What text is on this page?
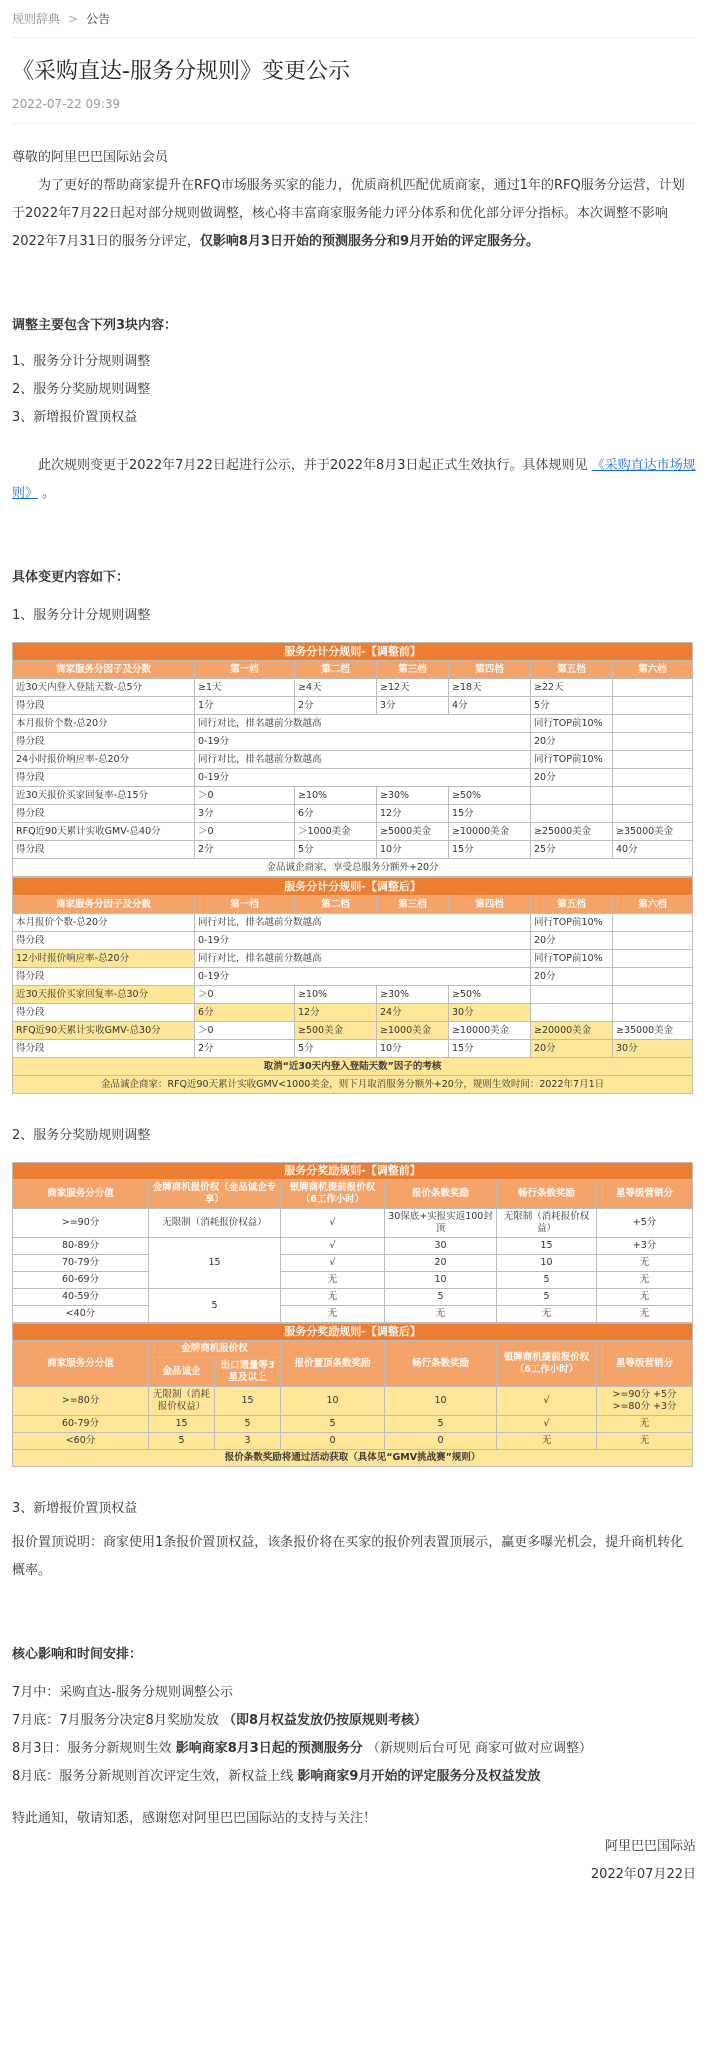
规则辞典 > 公告
《采购直达-服务分规则》变更公示
2022-07-22 09:39

尊敬的阿里巴巴国际站会员

为了更好的帮助商家提升在RFQ市场服务买家的能力，优质商机匹配优质商家，通过1年的RFQ服务分运营，计划于2022年7月22日起对部分规则做调整，核心将丰富商家服务能力评分体系和优化部分评分指标。本次调整不影响2022年7月31日的服务分评定，仅影响8月3日开始的预测服务分和9月开始的评定服务分。

调整主要包含下列3块内容：

1、服务分计分规则调整

2、服务分奖励规则调整

3、新增报价置顶权益

此次规则变更于2022年7月22日起进行公示，并于2022年8月3日起正式生效执行。具体规则见 《采购直达市场规则》 。

具体变更内容如下：

1、服务分计分规则调整

服务分计分规则-【调整前】						
商家服务分因子及分数	第一档	第二档	第三档	第四档	第五档	第六档
近30天内登入登陆天数-总5分	≥1天	≥4天	≥12天	≥18天	≥22天	
得分段	1分	2分	3分	4分	5分	
本月报价个数-总20分	同行对比，排名越前分数越高				同行TOP前10%	
得分段	0-19分				20分	
24小时报价响应率-总20分	同行对比，排名越前分数越高				同行TOP前10%	
得分段	0-19分				20分	
近30天报价买家回复率-总15分	＞0	≥10%	≥30%	≥50%		
得分段	3分	6分	12分	15分		
RFQ近90天累计实收GMV-总40分	＞0	＞1000美金	≥5000美金	≥10000美金	≥25000美金	≥35000美金
得分段	2分	5分	10分	15分	25分	40分
金品诚企商家，享受总服务分额外+20分						
服务分计分规则-【调整后】						
商家服务分因子及分数	第一档	第二档	第三档	第四档	第五档	第六档
本月报价个数-总20分	同行对比，排名越前分数越高				同行TOP前10%	
得分段	0-19分				20分	
12小时报价响应率-总20分	同行对比，排名越前分数越高				同行TOP前10%	
得分段	0-19分				20分	
近30天报价买家回复率-总30分	＞0	≥10%	≥30%	≥50%		
得分段	6分	12分	24分	30分		
RFQ近90天累计实收GMV-总30分	＞0	≥500美金	≥1000美金	≥10000美金	≥20000美金	≥35000美金
得分段	2分	5分	10分	15分	20分	30分
取消“近30天内登入登陆天数”因子的考核						
金品诚企商家：RFQ近90天累计实收GMV<1000美金，则下月取消服务分额外+20分，规则生效时间：2022年7月1日						

2、服务分奖励规则调整

服务分奖励规则-【调整前】					
商家服务分分值	金牌商机报价权（金品诚企专享）	银牌商机提前报价权（6工作小时）	报价条数奖励	畅行条数奖励	星等级营销分
>=90分	无限制（消耗报价权益）	√	30保底+实报实返100封顶	无限制（消耗报价权益）	+5分
80-89分	15	√	30	15	+3分
70-79分		√	20	10	无
60-69分		无	10	5	无
40-59分	5	无	5	5	无
<40分		无	无	无	无
服务分奖励规则-【调整后】						
商家服务分分值	金牌商机报价权		报价置顶条数奖励	畅行条数奖励	银牌商机提前报价权（6工作小时）	星等级营销分
	金品诚企	出口通量等3星及以上				
>=80分	无限制（消耗报价权益）	15	10	10	√	>=90分 +5分
>=80分 +3分
60-79分	15	5	5	5	√	无
<60分	5	3	0	0	无	无
报价条数奖励将通过活动获取（具体见“GMV挑战赛”规则）						

3、新增报价置顶权益

报价置顶说明：商家使用1条报价置顶权益，该条报价将在买家的报价列表置顶展示，赢更多曝光机会，提升商机转化概率。

核心影响和时间安排：

7月中：采购直达-服务分规则调整公示

7月底：7月服务分决定8月奖励发放 （即8月权益发放仍按原规则考核）

8月3日：服务分新规则生效 影响商家8月3日起的预测服务分 （新规则后台可见 商家可做对应调整）

8月底：服务分新规则首次评定生效，新权益上线 影响商家9月开始的评定服务分及权益发放

特此通知，敬请知悉，感谢您对阿里巴巴国际站的支持与关注！

阿里巴巴国际站

2022年07月22日
